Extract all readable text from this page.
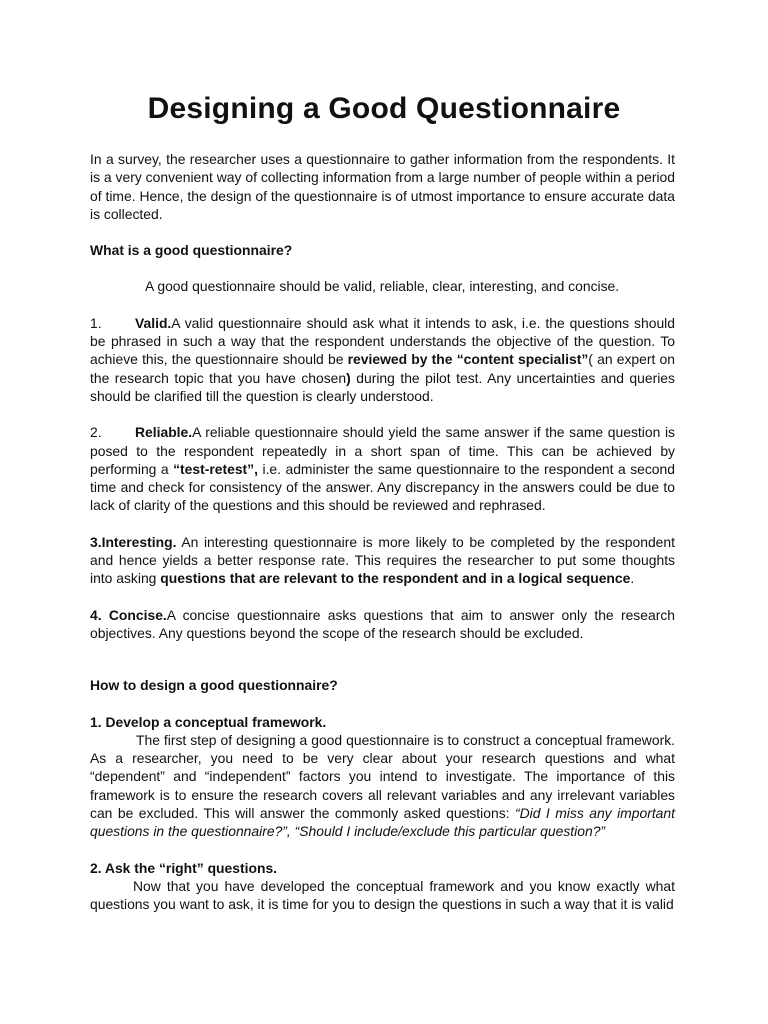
Designing a Good Questionnaire

In a survey, the researcher uses a questionnaire to gather information from the respondents. It is a very convenient way of collecting information from a large number of people within a period of time. Hence, the design of the questionnaire is of utmost importance to ensure accurate data is collected.

What is a good questionnaire?

A good questionnaire should be valid, reliable, clear, interesting, and concise.

1. Valid.A valid questionnaire should ask what it intends to ask, i.e. the questions should be phrased in such a way that the respondent understands the objective of the question. To achieve this, the questionnaire should be reviewed by the “content specialist”( an expert on the research topic that you have chosen) during the pilot test. Any uncertainties and queries should be clarified till the question is clearly understood.

2. Reliable.A reliable questionnaire should yield the same answer if the same question is posed to the respondent repeatedly in a short span of time. This can be achieved by performing a “test-retest”, i.e. administer the same questionnaire to the respondent a second time and check for consistency of the answer. Any discrepancy in the answers could be due to lack of clarity of the questions and this should be reviewed and rephrased.

3.Interesting. An interesting questionnaire is more likely to be completed by the respondent and hence yields a better response rate. This requires the researcher to put some thoughts into asking questions that are relevant to the respondent and in a logical sequence.

4. Concise.A concise questionnaire asks questions that aim to answer only the research objectives. Any questions beyond the scope of the research should be excluded.

How to design a good questionnaire?

1. Develop a conceptual framework.

The first step of designing a good questionnaire is to construct a conceptual framework. As a researcher, you need to be very clear about your research questions and what “dependent” and “independent” factors you intend to investigate. The importance of this framework is to ensure the research covers all relevant variables and any irrelevant variables can be excluded. This will answer the commonly asked questions: “Did I miss any important questions in the questionnaire?”, “Should I include/exclude this particular question?”

2. Ask the “right” questions.

Now that you have developed the conceptual framework and you know exactly what questions you want to ask, it is time for you to design the questions in such a way that it is valid
